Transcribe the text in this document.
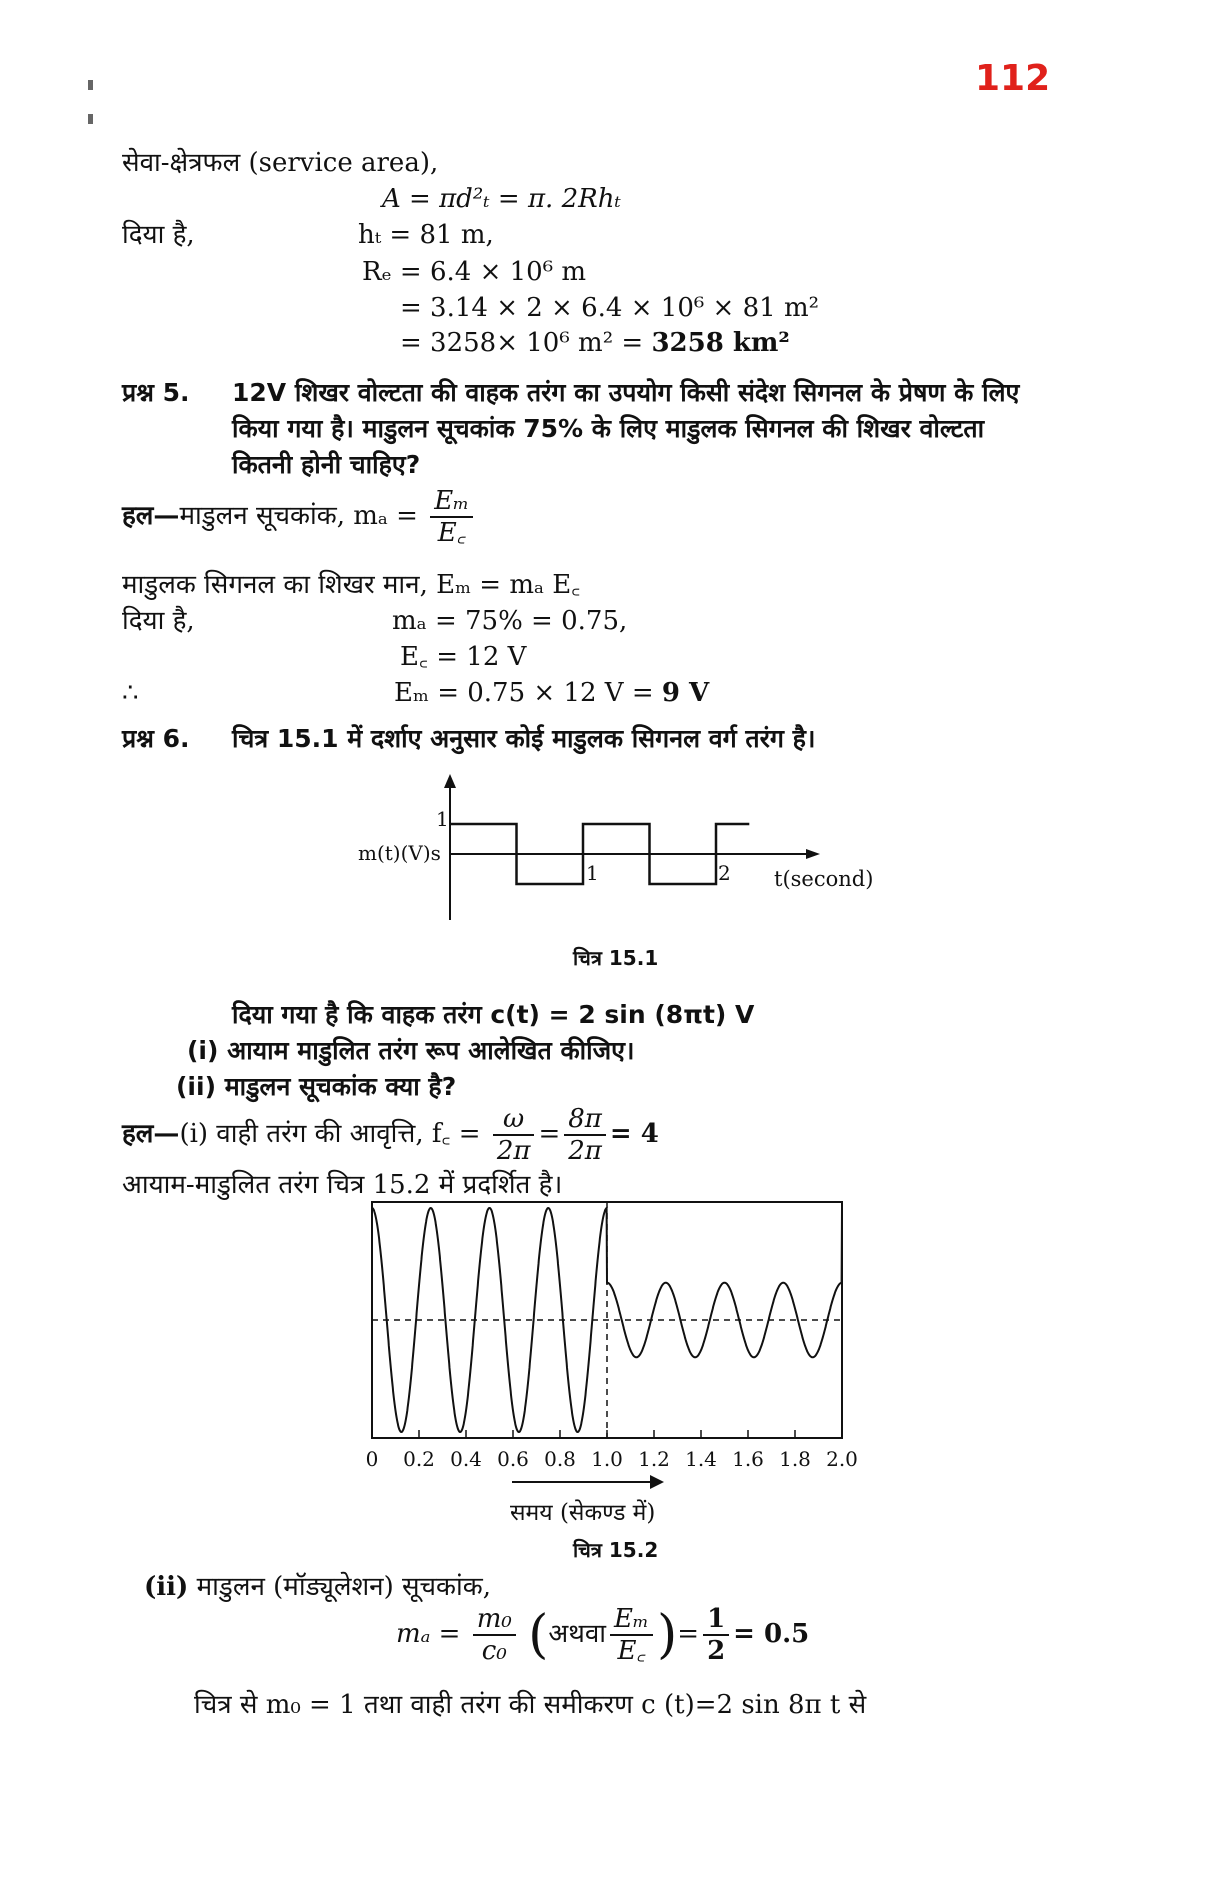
112
सेवा-क्षेत्रफल (service area),
A = πd²ₜ = π. 2Rhₜ
दिया है,	hₜ = 81 m,
Rₑ = 6.4 × 10⁶ m
= 3.14 × 2 × 6.4 × 10⁶ × 81 m²
= 3258× 10⁶ m² = 3258 km²
प्रश्न 5. 12V शिखर वोल्टता की वाहक तरंग का उपयोग किसी संदेश सिगनल के प्रेषण के लिए
किया गया है। माडुलन सूचकांक 75% के लिए माडुलक सिगनल की शिखर वोल्टता
कितनी होनी चाहिए?
हल—माडुलन सूचकांक, $m_a = \frac{\text{Eₘ}}{E꜀}$
माडुलक सिगनल का शिखर मान, Eₘ = mₐ E꜀
दिया है,	mₐ = 75% = 0.75,
E꜀ = 12 V
∴	Eₘ = 0.75 × 12 V = 9 V
प्रश्न 6. चित्र 15.1 में दर्शाए अनुसार कोई माडुलक सिगनल वर्ग तरंग है।
1
m(t)(V)s
1	2 t(second)
चित्र 15.1
दिया गया है कि वाहक तरंग c(t) = 2 sin (8πt) V
(i) आयाम माडुलित तरंग रूप आलेखित कीजिए।
(ii) माडुलन सूचकांक क्या है?
हल—(i) वाही तरंग की आवृत्ति, f꜀ = $\frac{\omega}{2\pi} = \frac{8\pi}{2\pi} = 4$
आयाम-माडुलित तरंग चित्र 15.2 में प्रदर्शित है।
0 0.2 0.4 0.6 0.8 1.0 1.2 1.4 1.6 1.8 2.0
समय (सेकण्ड में)
चित्र 15.2
(ii) माडुलन (मॉड्यूलेशन) सूचकांक,
$m_a = \frac{\text{m₀}}{\text{c₀}}$ (अथवा $\frac{\text{Eₘ}}{E꜀}$ )= $\frac{1}{2} = 0.5$
चित्र से m₀ = 1 तथा वाही तरंग की समीकरण c (t)=2 sin 8π t से
